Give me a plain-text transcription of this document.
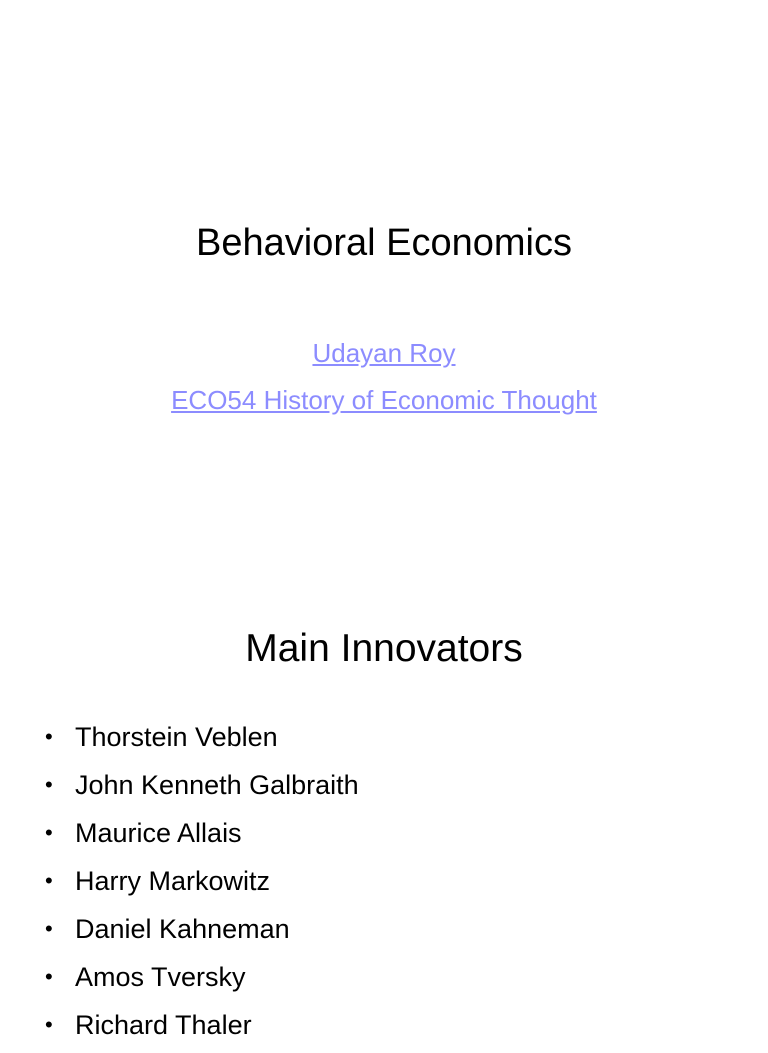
Behavioral Economics
Udayan Roy
ECO54 History of Economic Thought
Main Innovators
• Thorstein Veblen
• John Kenneth Galbraith
• Maurice Allais
• Harry Markowitz
• Daniel Kahneman
• Amos Tversky
• Richard Thaler
